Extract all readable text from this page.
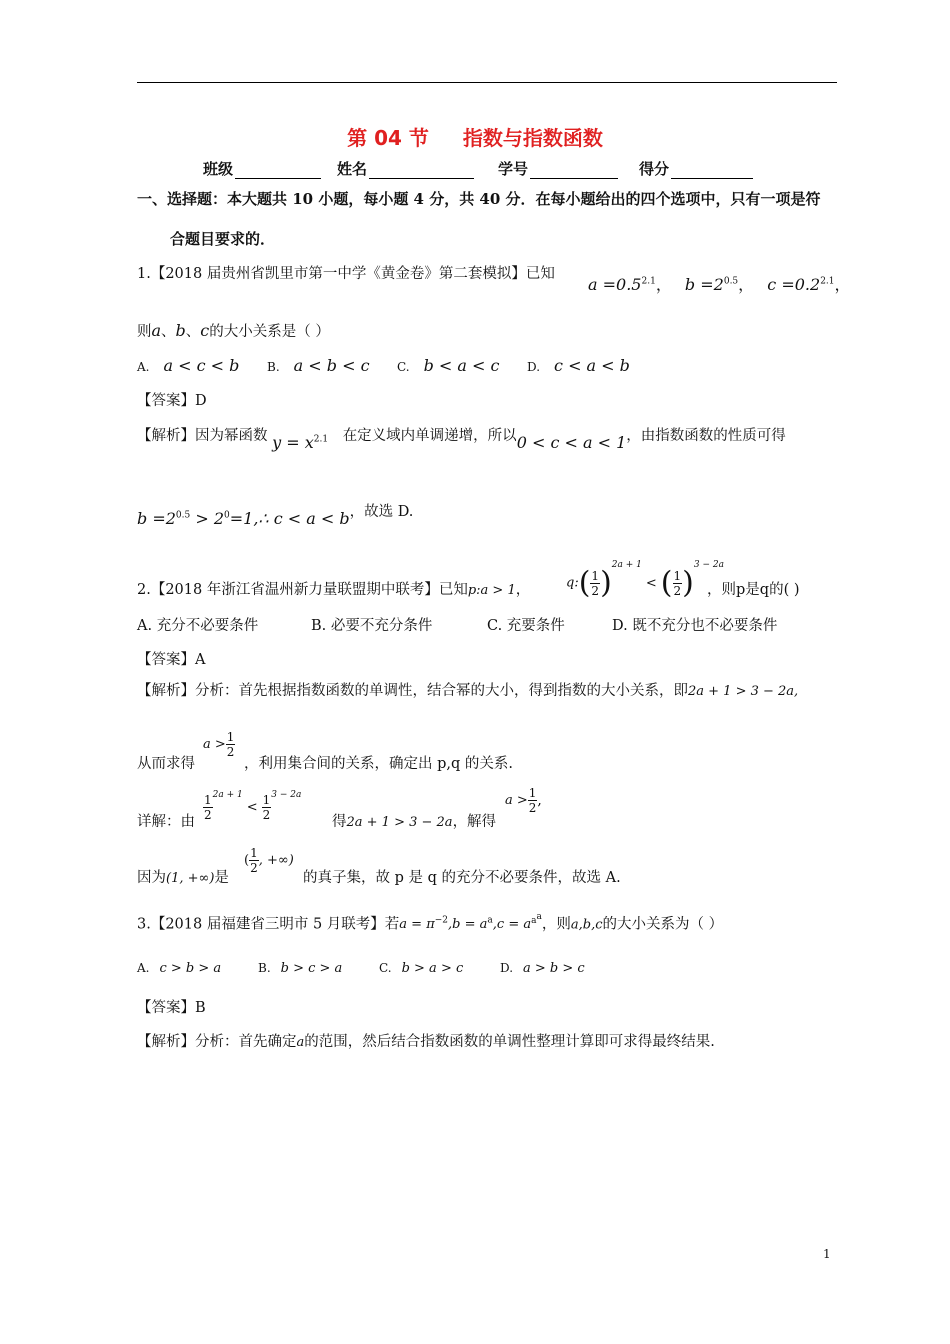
第 04 节 指数与指数函数
班级	姓名	学号	得分
一、选择题：本大题共 10 小题，每小题 4 分，共 40 分．在每小题给出的四个选项中，只有一项是符
合题目要求的．
1.【2018 届贵州省凯里市第一中学《黄金卷》第二套模拟】已知
$a =0.5^{2.1}$， $b =2^{0.5}$， $c =0.2^{2.1}$，
则a、b、c的大小关系是（ ）
A. a < c < b B. a < b < c C. b < a < c D. c < a < b
【答案】D
【解析】因为幂函数 $y = x^{2.1}$ 在定义域内单调递增，所以0 < c < a < 1，由指数函数的性质可得
$b =2^{0.5}$ > $2^0=1,\therefore$ c < a < b，故选 D.
2.【2018 年浙江省温州新力量联盟期中联考】已知p:a > 1，	q:( $\frac{1}{2} )^{2a + 1}<$ ( $\frac{1}{2} )^{3 - 2a}$
，则p是q的( )
A. 充分不必要条件	B. 必要不充分条件	C. 充要条件	D. 既不充分也不必要条件
【答案】A
【解析】分析：首先根据指数函数的单调性，结合幂的大小，得到指数的大小关系，即2a + 1 > 3 − 2a,
从而求得
$a > \frac{1}{2}$
，利用集合间的关系，确定出 p,q 的关系.
详解：由
$\frac{1}{2} ^{2a + 1}< \frac{1}{2} ^{3 - 2a}$
得2a + 1 > 3 − 2a，解得
$a > \frac{1}{2}$ ,
因为(1, +∞)是
( $\frac{1}{2}$ , +∞)
的真子集，故 p 是 q 的充分不必要条件，故选 A.
3.【2018 届福建省三明市 5 月联考】若$a = \pi^{-2},b = a^a,c = a^{a^a}$，则a,b,c的大小关系为（ ）
A. c > b > a	B. b > c > a	C. b > a > c	D. a > b > c
【答案】B
【解析】分析：首先确定a的范围，然后结合指数函数的单调性整理计算即可求得最终结果.
1
